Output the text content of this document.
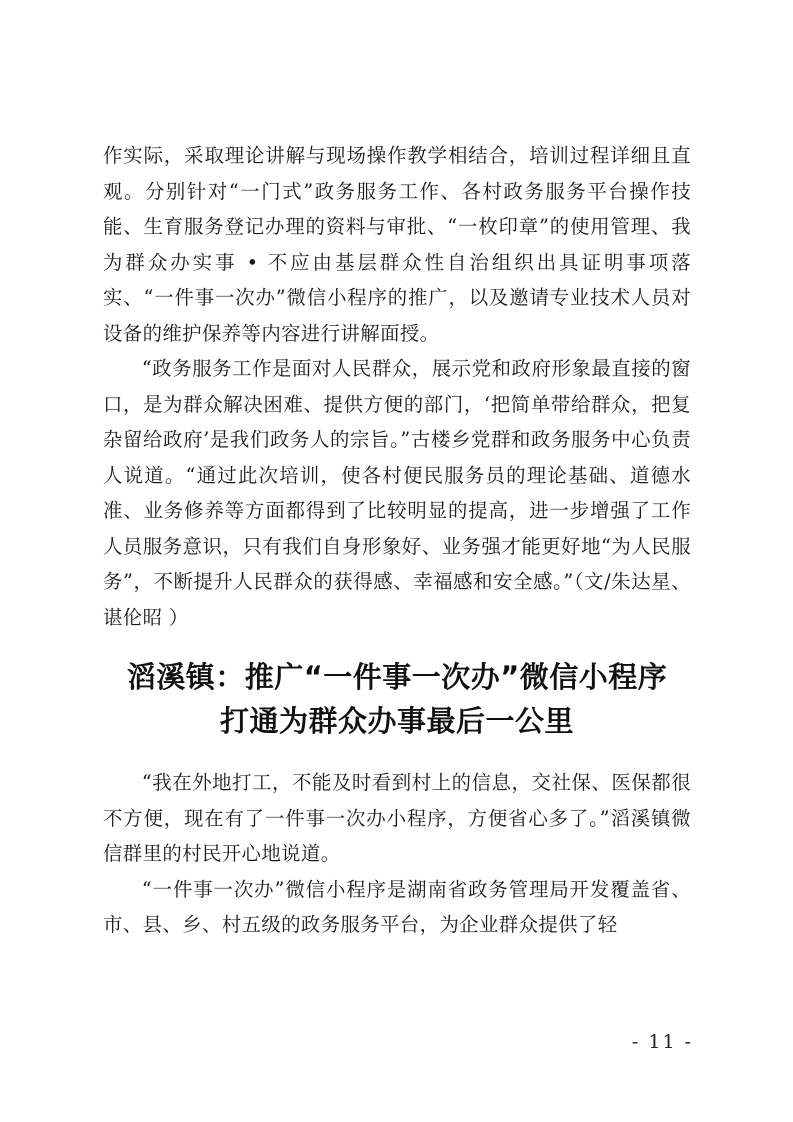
作实际，采取理论讲解与现场操作教学相结合，培训过程详细且直观。分别针对“一门式”政务服务工作、各村政务服务平台操作技能、生育服务登记办理的资料与审批、“一枚印章”的使用管理、我为群众办实事 • 不应由基层群众性自治组织出具证明事项落实、“一件事一次办”微信小程序的推广，以及邀请专业技术人员对设备的维护保养等内容进行讲解面授。

“政务服务工作是面对人民群众，展示党和政府形象最直接的窗口，是为群众解决困难、提供方便的部门，‘把简单带给群众，把复杂留给政府’是我们政务人的宗旨。”古楼乡党群和政务服务中心负责人说道。“通过此次培训，使各村便民服务员的理论基础、道德水准、业务修养等方面都得到了比较明显的提高，进一步增强了工作人员服务意识，只有我们自身形象好、业务强才能更好地“为人民服务”，不断提升人民群众的获得感、幸福感和安全感。”（文/朱达星、谌伦昭 ）

滔溪镇：推广“一件事一次办”微信小程序
打通为群众办事最后一公里

“我在外地打工，不能及时看到村上的信息，交社保、医保都很不方便，现在有了一件事一次办小程序，方便省心多了。”滔溪镇微信群里的村民开心地说道。

“一件事一次办”微信小程序是湖南省政务管理局开发覆盖省、市、县、乡、村五级的政务服务平台，为企业群众提供了轻

- 11 -
